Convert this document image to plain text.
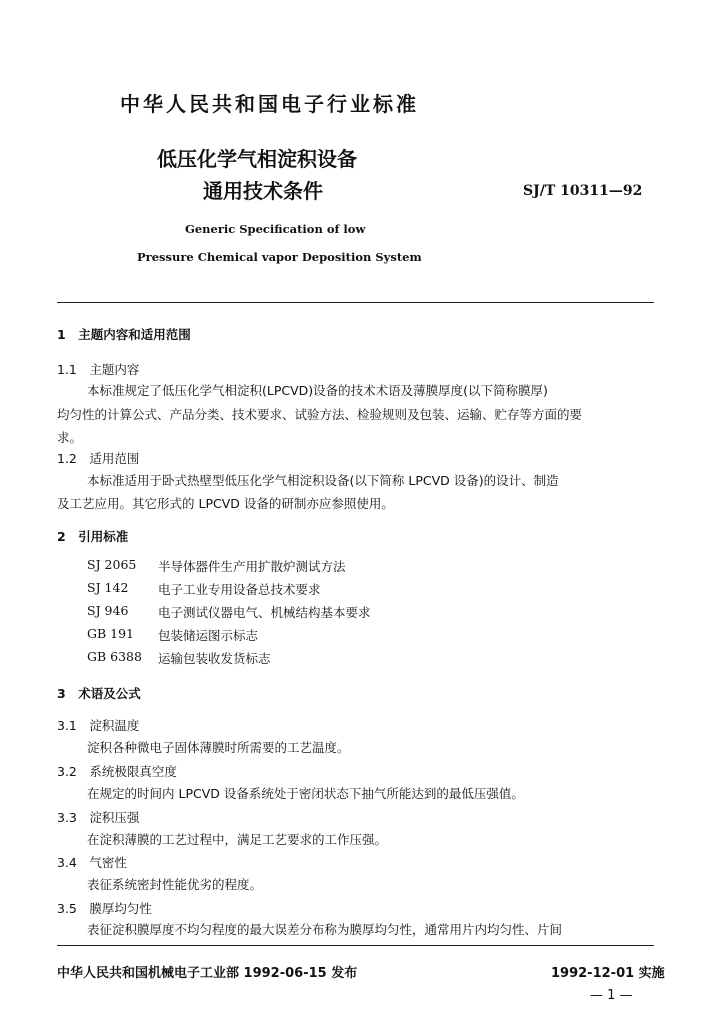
中华人民共和国电子行业标准
低压化学气相淀积设备
通用技术条件	SJ/T 10311—92
Generic Specification of low
Pressure Chemical vapor Deposition System
1　主题内容和适用范围
1.1　主题内容
本标准规定了低压化学气相淀积(LPCVD)设备的技术术语及薄膜厚度(以下简称膜厚)
均匀性的计算公式、产品分类、技术要求、试验方法、检验规则及包装、运输、贮存等方面的要
求。
1.2　适用范围
本标准适用于卧式热壁型低压化学气相淀积设备(以下简称 LPCVD 设备)的设计、制造
及工艺应用。其它形式的 LPCVD 设备的研制亦应参照使用。
2　引用标准
SJ 2065 半导体器件生产用扩散炉测试方法
SJ 142 电子工业专用设备总技术要求
SJ 946 电子测试仪器电气、机械结构基本要求
GB 191 包装储运图示标志
GB 6388 运输包装收发货标志
3　术语及公式
3.1　淀积温度
淀积各种微电子固体薄膜时所需要的工艺温度。
3.2　系统极限真空度
在规定的时间内 LPCVD 设备系统处于密闭状态下抽气所能达到的最低压强值。
3.3　淀积压强
在淀积薄膜的工艺过程中，满足工艺要求的工作压强。
3.4　气密性
表征系统密封性能优劣的程度。
3.5　膜厚均匀性
表征淀积膜厚度不均匀程度的最大误差分布称为膜厚均匀性，通常用片内均匀性、片间
中华人民共和国机械电子工业部 1992-06-15 发布	1992-12-01 实施
— 1 —
